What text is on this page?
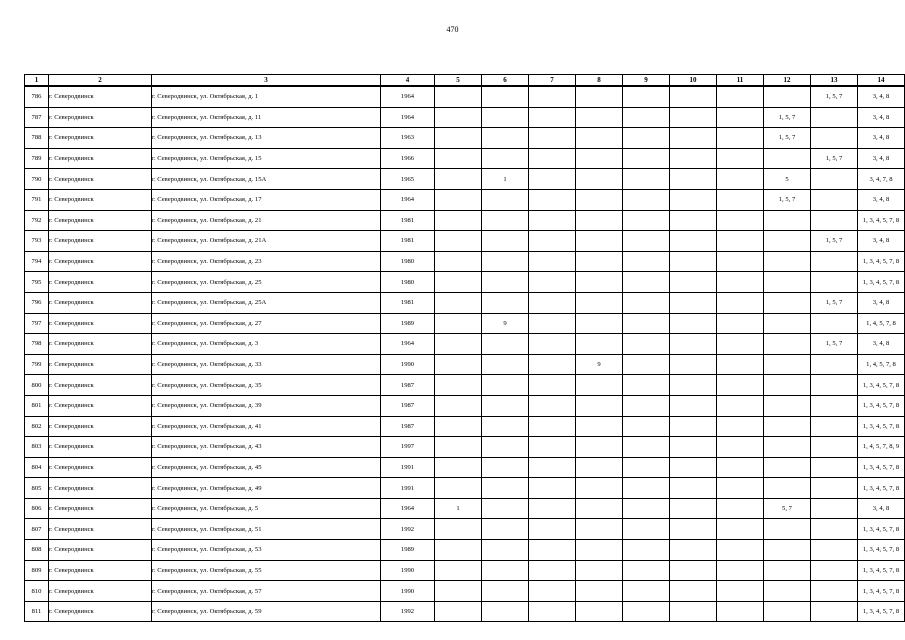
470
1	2	3	4	5	6	7	8	9	10	11	12	13	14
786	г. Северодвинск	г. Северодвинск, ул. Октябрьская, д. 1	1964									1, 5, 7	3, 4, 8
787	г. Северодвинск	г. Северодвинск, ул. Октябрьская, д. 11	1964								1, 5, 7		3, 4, 8
788	г. Северодвинск	г. Северодвинск, ул. Октябрьская, д. 13	1963								1, 5, 7		3, 4, 8
789	г. Северодвинск	г. Северодвинск, ул. Октябрьская, д. 15	1966									1, 5, 7	3, 4, 8
790	г. Северодвинск	г. Северодвинск, ул. Октябрьская, д. 15А	1965		1						5		3, 4, 7, 8
791	г. Северодвинск	г. Северодвинск, ул. Октябрьская, д. 17	1964								1, 5, 7		3, 4, 8
792	г. Северодвинск	г. Северодвинск, ул. Октябрьская, д. 21	1981										1, 3, 4, 5, 7, 8
793	г. Северодвинск	г. Северодвинск, ул. Октябрьская, д. 21А	1981									1, 5, 7	3, 4, 8
794	г. Северодвинск	г. Северодвинск, ул. Октябрьская, д. 23	1980										1, 3, 4, 5, 7, 8
795	г. Северодвинск	г. Северодвинск, ул. Октябрьская, д. 25	1980										1, 3, 4, 5, 7, 8
796	г. Северодвинск	г. Северодвинск, ул. Октябрьская, д. 25А	1981									1, 5, 7	3, 4, 8
797	г. Северодвинск	г. Северодвинск, ул. Октябрьская, д. 27	1989		9								1, 4, 5, 7, 8
798	г. Северодвинск	г. Северодвинск, ул. Октябрьская, д. 3	1964									1, 5, 7	3, 4, 8
799	г. Северодвинск	г. Северодвинск, ул. Октябрьская, д. 33	1990				9						1, 4, 5, 7, 8
800	г. Северодвинск	г. Северодвинск, ул. Октябрьская, д. 35	1987										1, 3, 4, 5, 7, 8
801	г. Северодвинск	г. Северодвинск, ул. Октябрьская, д. 39	1987										1, 3, 4, 5, 7, 8
802	г. Северодвинск	г. Северодвинск, ул. Октябрьская, д. 41	1987										1, 3, 4, 5, 7, 8
803	г. Северодвинск	г. Северодвинск, ул. Октябрьская, д. 43	1997										1, 4, 5, 7, 8, 9
804	г. Северодвинск	г. Северодвинск, ул. Октябрьская, д. 45	1991										1, 3, 4, 5, 7, 8
805	г. Северодвинск	г. Северодвинск, ул. Октябрьская, д. 49	1991										1, 3, 4, 5, 7, 8
806	г. Северодвинск	г. Северодвинск, ул. Октябрьская, д. 5	1964	1							5, 7		3, 4, 8
807	г. Северодвинск	г. Северодвинск, ул. Октябрьская, д. 51	1992										1, 3, 4, 5, 7, 8
808	г. Северодвинск	г. Северодвинск, ул. Октябрьская, д. 53	1989										1, 3, 4, 5, 7, 8
809	г. Северодвинск	г. Северодвинск, ул. Октябрьская, д. 55	1990										1, 3, 4, 5, 7, 8
810	г. Северодвинск	г. Северодвинск, ул. Октябрьская, д. 57	1990										1, 3, 4, 5, 7, 8
811	г. Северодвинск	г. Северодвинск, ул. Октябрьская, д. 59	1992										1, 3, 4, 5, 7, 8
